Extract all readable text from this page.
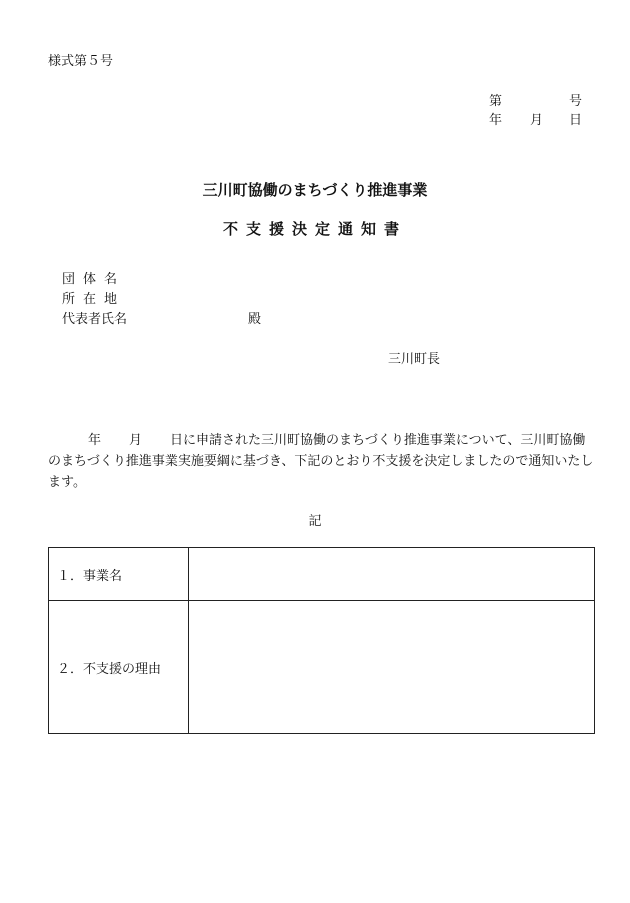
様式第５号
第	号
年 月 日
三川町協働のまちづくり推進事業
不支援決定通知書
団体名
所在地
代表者氏名	殿
三川町長
年 月 日に申請された三川町協働のまちづくり推進事業について、三川町協働のまちづくり推進事業実施要綱に基づき、下記のとおり不支援を決定しましたので通知いたします。
記
１．事業名	
２．不支援の理由	
